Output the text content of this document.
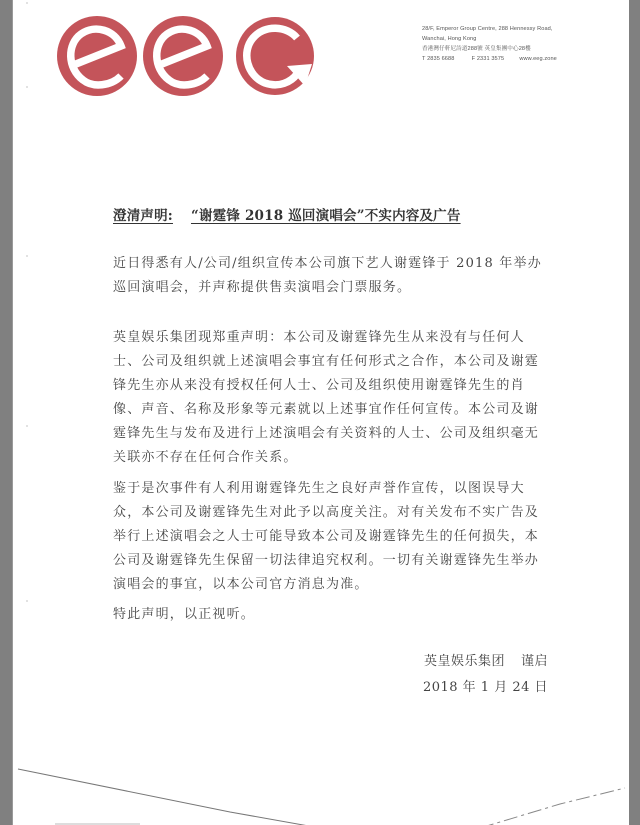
28/F, Emperor Group Centre, 288 Hennessy Road,
Wanchai, Hong Kong
香港灣仔軒尼詩道288號 英皇集團中心28樓
T 2835 6688	F 2331 3575	www.eeg.zone
澄清声明: “谢霆锋 2018 巡回演唱会”不实内容及广告

近日得悉有人/公司/组织宣传本公司旗下艺人谢霆锋于 2018 年举办巡回演唱会，并声称提供售卖演唱会门票服务。

英皇娱乐集团现郑重声明：本公司及谢霆锋先生从来没有与任何人士、公司及组织就上述演唱会事宜有任何形式之合作，本公司及谢霆锋先生亦从来没有授权任何人士、公司及组织使用谢霆锋先生的肖像、声音、名称及形象等元素就以上述事宜作任何宣传。本公司及谢霆锋先生与发布及进行上述演唱会有关资料的人士、公司及组织毫无关联亦不存在任何合作关系。

鉴于是次事件有人利用谢霆锋先生之良好声誉作宣传，以图误导大众，本公司及谢霆锋先生对此予以高度关注。对有关发布不实广告及举行上述演唱会之人士可能导致本公司及谢霆锋先生的任何损失，本公司及谢霆锋先生保留一切法律追究权利。一切有关谢霆锋先生举办演唱会的事宜，以本公司官方消息为准。

特此声明，以正视听。

英皇娱乐集团 谨启
2018 年 1 月 24 日
